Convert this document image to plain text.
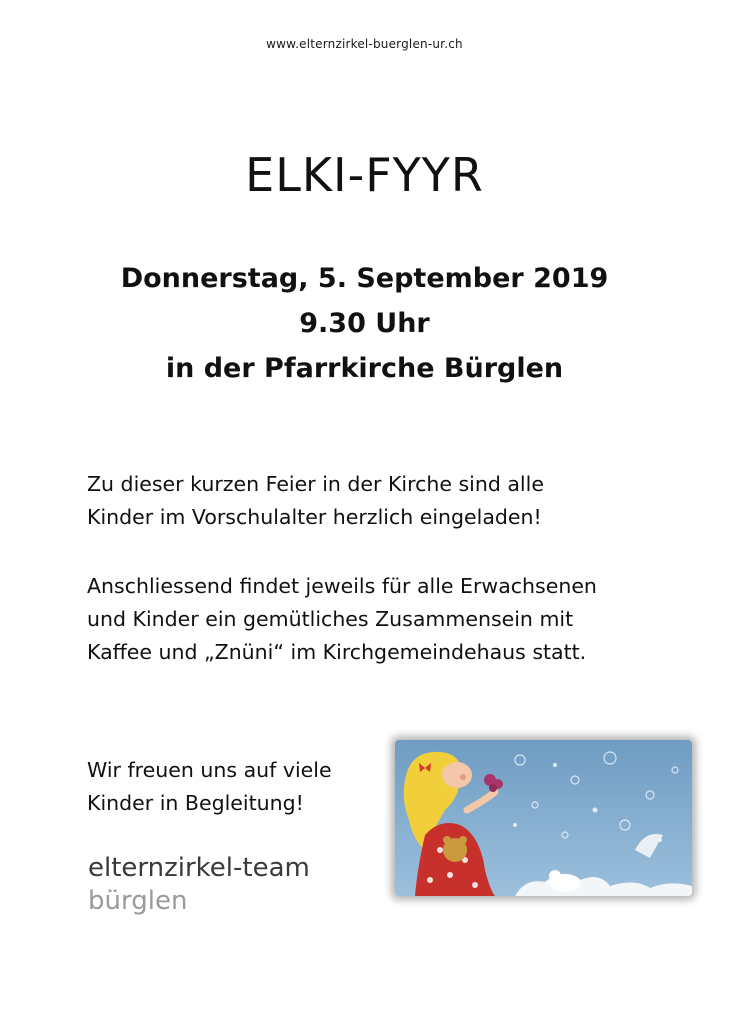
www.elternzirkel-buerglen-ur.ch
ELKI-FYYR
Donnerstag, 5. September 2019
9.30 Uhr
in der Pfarrkirche Bürglen
Zu dieser kurzen Feier in der Kirche sind alle
Kinder im Vorschulalter herzlich eingeladen!
Anschliessend findet jeweils für alle Erwachsenen
und Kinder ein gemütliches Zusammensein mit
Kaffee und „Znüni“ im Kirchgemeindehaus statt.
Wir freuen uns auf viele
Kinder in Begleitung!
elternzirkel-team
bürglen
